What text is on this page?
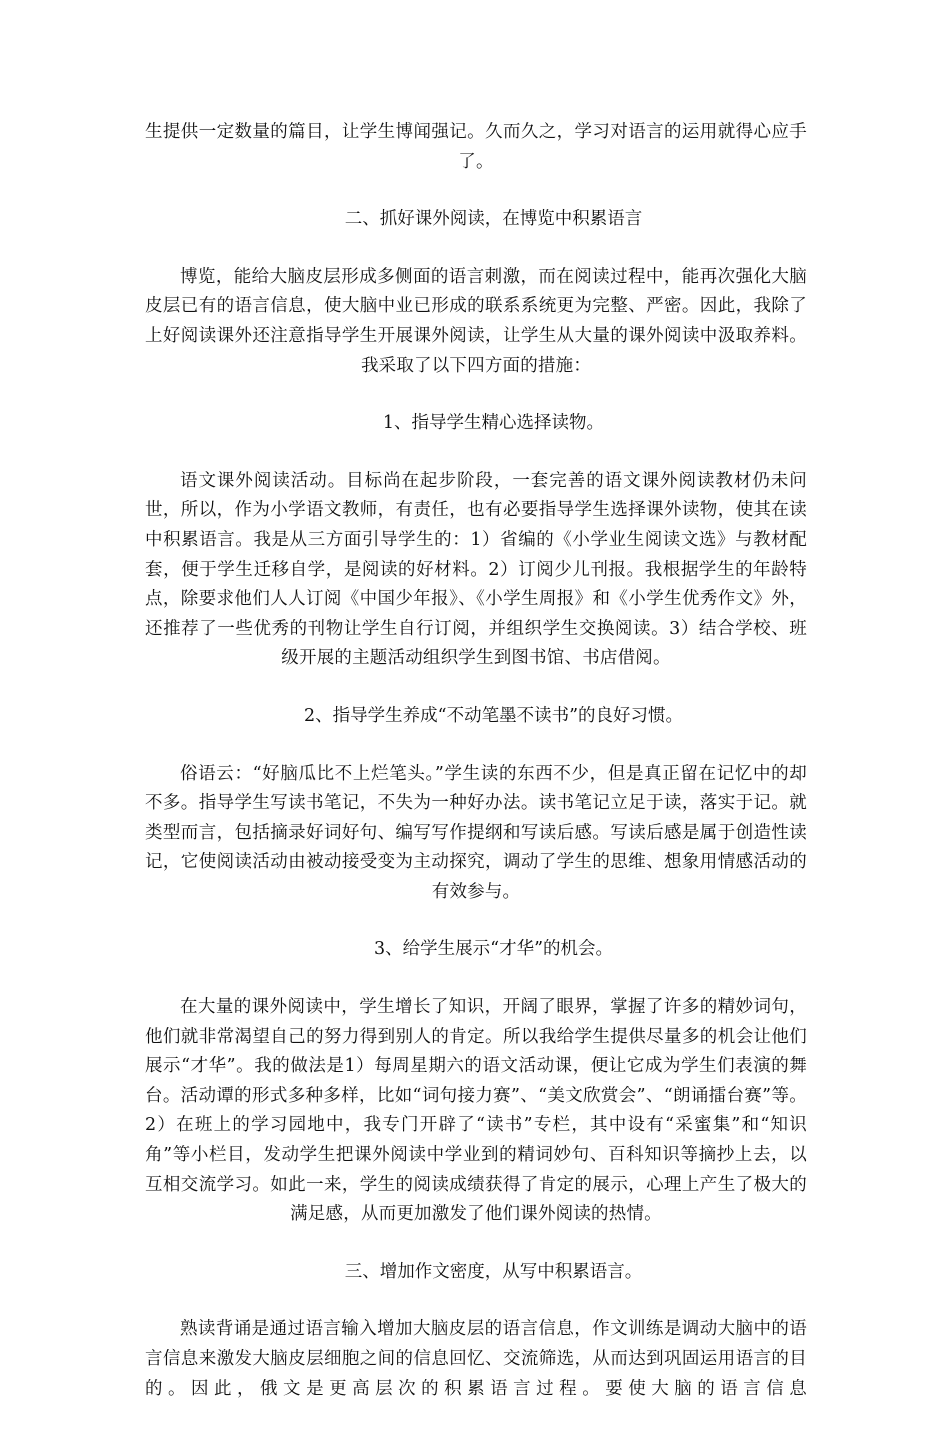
生提供一定数量的篇目，让学生博闻强记。久而久之，学习对语言的运用就得心应手了。

二、抓好课外阅读，在博览中积累语言

博览，能给大脑皮层形成多侧面的语言刺激，而在阅读过程中，能再次强化大脑皮层已有的语言信息，使大脑中业已形成的联系系统更为完整、严密。因此，我除了上好阅读课外还注意指导学生开展课外阅读，让学生从大量的课外阅读中汲取养料。我采取了以下四方面的措施：

1、指导学生精心选择读物。

语文课外阅读活动。目标尚在起步阶段，一套完善的语文课外阅读教材仍未问世，所以，作为小学语文教师，有责任，也有必要指导学生选择课外读物，使其在读中积累语言。我是从三方面引导学生的：1）省编的《小学业生阅读文选》与教材配套，便于学生迁移自学，是阅读的好材料。2）订阅少儿刊报。我根据学生的年龄特点，除要求他们人人订阅《中国少年报》、《小学生周报》和《小学生优秀作文》外，还推荐了一些优秀的刊物让学生自行订阅，并组织学生交换阅读。3）结合学校、班级开展的主题活动组织学生到图书馆、书店借阅。

2、指导学生养成“不动笔墨不读书”的良好习惯。

俗语云：“好脑瓜比不上烂笔头。”学生读的东西不少，但是真正留在记忆中的却不多。指导学生写读书笔记，不失为一种好办法。读书笔记立足于读，落实于记。就类型而言，包括摘录好词好句、编写写作提纲和写读后感。写读后感是属于创造性读记，它使阅读活动由被动接受变为主动探究，调动了学生的思维、想象用情感活动的有效参与。

3、给学生展示“才华”的机会。

在大量的课外阅读中，学生增长了知识，开阔了眼界，掌握了许多的精妙词句，他们就非常渴望自己的努力得到别人的肯定。所以我给学生提供尽量多的机会让他们展示“才华”。我的做法是1）每周星期六的语文活动课，便让它成为学生们表演的舞台。活动谭的形式多种多样，比如“词句接力赛”、“美文欣赏会”、“朗诵擂台赛”等。2）在班上的学习园地中，我专门开辟了“读书”专栏，其中设有“采蜜集”和“知识角”等小栏目，发动学生把课外阅读中学业到的精词妙句、百科知识等摘抄上去，以互相交流学习。如此一来，学生的阅读成绩获得了肯定的展示，心理上产生了极大的满足感，从而更加激发了他们课外阅读的热情。

三、增加作文密度，从写中积累语言。

熟读背诵是通过语言输入增加大脑皮层的语言信息，作文训练是调动大脑中的语言信息来激发大脑皮层细胞之间的信息回忆、交流筛选，从而达到巩固运用语言的目的。因此，俄文是更高层次的积累语言过程。要使大脑的语言信息
